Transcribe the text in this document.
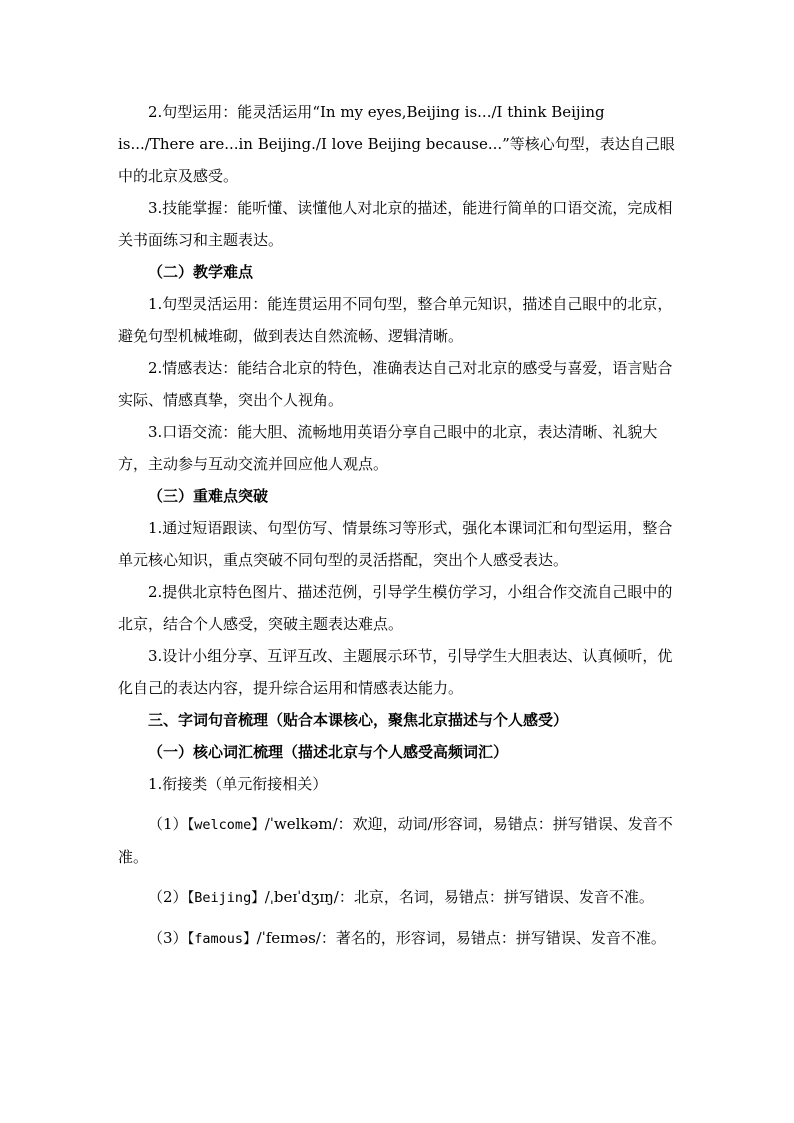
2.句型运用：能灵活运用“In my eyes,Beijing is.../I think Beijing is.../There are...in Beijing./I love Beijing because...”等核心句型，表达自己眼中的北京及感受。

3.技能掌握：能听懂、读懂他人对北京的描述，能进行简单的口语交流，完成相关书面练习和主题表达。

（二）教学难点

1.句型灵活运用：能连贯运用不同句型，整合单元知识，描述自己眼中的北京，避免句型机械堆砌，做到表达自然流畅、逻辑清晰。

2.情感表达：能结合北京的特色，准确表达自己对北京的感受与喜爱，语言贴合实际、情感真挚，突出个人视角。

3.口语交流：能大胆、流畅地用英语分享自己眼中的北京，表达清晰、礼貌大方，主动参与互动交流并回应他人观点。

（三）重难点突破

1.通过短语跟读、句型仿写、情景练习等形式，强化本课词汇和句型运用，整合单元核心知识，重点突破不同句型的灵活搭配，突出个人感受表达。

2.提供北京特色图片、描述范例，引导学生模仿学习，小组合作交流自己眼中的北京，结合个人感受，突破主题表达难点。

3.设计小组分享、互评互改、主题展示环节，引导学生大胆表达、认真倾听，优化自己的表达内容，提升综合运用和情感表达能力。

三、字词句音梳理（贴合本课核心，聚焦北京描述与个人感受）

（一）核心词汇梳理（描述北京与个人感受高频词汇）

1.衔接类（单元衔接相关）

（1）【welcome】/ˈwelkəm/：欢迎，动词/形容词，易错点：拼写错误、发音不准。

（2）【Beijing】/ˌbeɪˈdʒɪŋ/：北京，名词，易错点：拼写错误、发音不准。

（3）【famous】/ˈfeɪməs/：著名的，形容词，易错点：拼写错误、发音不准。
